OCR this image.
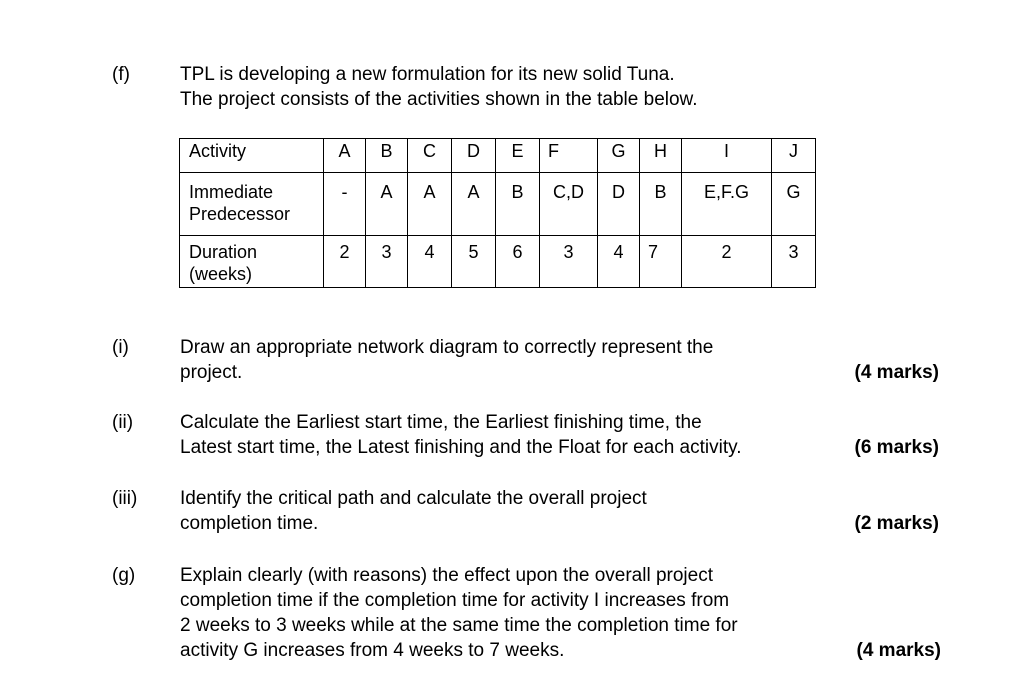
(f)	TPL is developing a new formulation for its new solid Tuna.
The project consists of the activities shown in the table below.
Activity	A	B	C	D	E	F	G	H	I	J

Immediate
Predecessor	-	A	A	A	B	C,D	D	B	E,F.G	G

Duration
(weeks)	2	3	4	5	6	3	4	7	2	3
(i)	Draw an appropriate network diagram to correctly represent the
project.	(4 marks)
(ii) Calculate the Earliest start time, the Earliest finishing time, the
Latest start time, the Latest finishing and the Float for each activity.	(6 marks)
(iii) Identify the critical path and calculate the overall project
completion time.	(2 marks)
(g) Explain clearly (with reasons) the effect upon the overall project
completion time if the completion time for activity I increases from
2 weeks to 3 weeks while at the same time the completion time for
activity G increases from 4 weeks to 7 weeks.	(4 marks)
